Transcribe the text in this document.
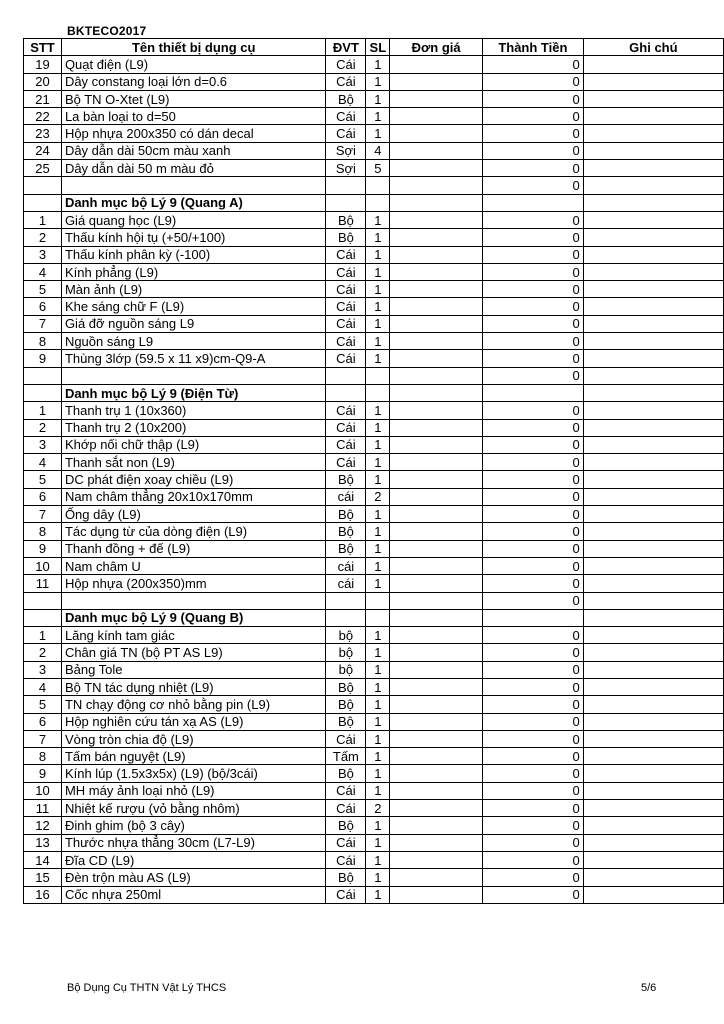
BKTECO2017
STT	Tên thiết bị dụng cụ	ĐVT	SL	Đơn giá	Thành Tiền	Ghi chú
19	Quạt điện (L9)	Cái	1		0	
20	Dây constang loại lớn d=0.6	Cái	1		0	
21	Bộ TN O-Xtet (L9)	Bộ	1		0	
22	La bàn loại to d=50	Cái	1		0	
23	Hộp nhựa 200x350 có dán decal	Cái	1		0	
24	Dây dẫn dài 50cm màu xanh	Sợi	4		0	
25	Dây dẫn dài 50 m màu đỏ	Sợi	5		0	
					0	
	Danh mục bộ Lý 9 (Quang A)					
1	Giá quang học (L9)	Bộ	1		0	
2	Thấu kính hội tụ (+50/+100)	Bộ	1		0	
3	Thấu kính phân kỳ (-100)	Cái	1		0	
4	Kính phẳng (L9)	Cái	1		0	
5	Màn ảnh (L9)	Cái	1		0	
6	Khe sáng chữ F (L9)	Cái	1		0	
7	Giá đỡ nguồn sáng L9	Cái	1		0	
8	Nguồn sáng L9	Cái	1		0	
9	Thùng 3lớp (59.5 x 11 x9)cm-Q9-A	Cái	1		0	
					0	
	Danh mục bộ Lý 9 (Điện Từ)					
1	Thanh trụ 1 (10x360)	Cái	1		0	
2	Thanh trụ 2 (10x200)	Cái	1		0	
3	Khớp nối chữ thập (L9)	Cái	1		0	
4	Thanh sắt non (L9)	Cái	1		0	
5	DC phát điện xoay chiều (L9)	Bộ	1		0	
6	Nam châm thẳng 20x10x170mm	cái	2		0	
7	Ống dây (L9)	Bộ	1		0	
8	Tác dụng từ của dòng điện (L9)	Bộ	1		0	
9	Thanh đồng + đế (L9)	Bộ	1		0	
10	Nam châm U	cái	1		0	
11	Hộp nhựa (200x350)mm	cái	1		0	
					0	
	Danh mục bộ Lý 9 (Quang B)					
1	Lăng kính tam giác	bộ	1		0	
2	Chân giá TN (bộ PT AS L9)	bộ	1		0	
3	Bảng Tole	bộ	1		0	
4	Bộ TN tác dụng nhiệt (L9)	Bộ	1		0	
5	TN chạy động cơ nhỏ bằng pin (L9)	Bộ	1		0	
6	Hộp nghiên cứu tán xạ AS (L9)	Bộ	1		0	
7	Vòng tròn chia độ (L9)	Cái	1		0	
8	Tấm bán nguyệt (L9)	Tấm	1		0	
9	Kính lúp (1.5x3x5x) (L9) (bộ/3cái)	Bộ	1		0	
10	MH máy ảnh loại nhỏ (L9)	Cái	1		0	
11	Nhiệt kế rượu (vỏ bằng nhôm)	Cái	2		0	
12	Đinh ghim (bộ 3 cây)	Bộ	1		0	
13	Thước nhựa thẳng 30cm (L7-L9)	Cái	1		0	
14	Đĩa CD (L9)	Cái	1		0	
15	Đèn trộn màu AS (L9)	Bộ	1		0	
16	Cốc nhựa 250ml	Cái	1		0	
Bộ Dụng Cụ THTN Vật Lý THCS	5/6
